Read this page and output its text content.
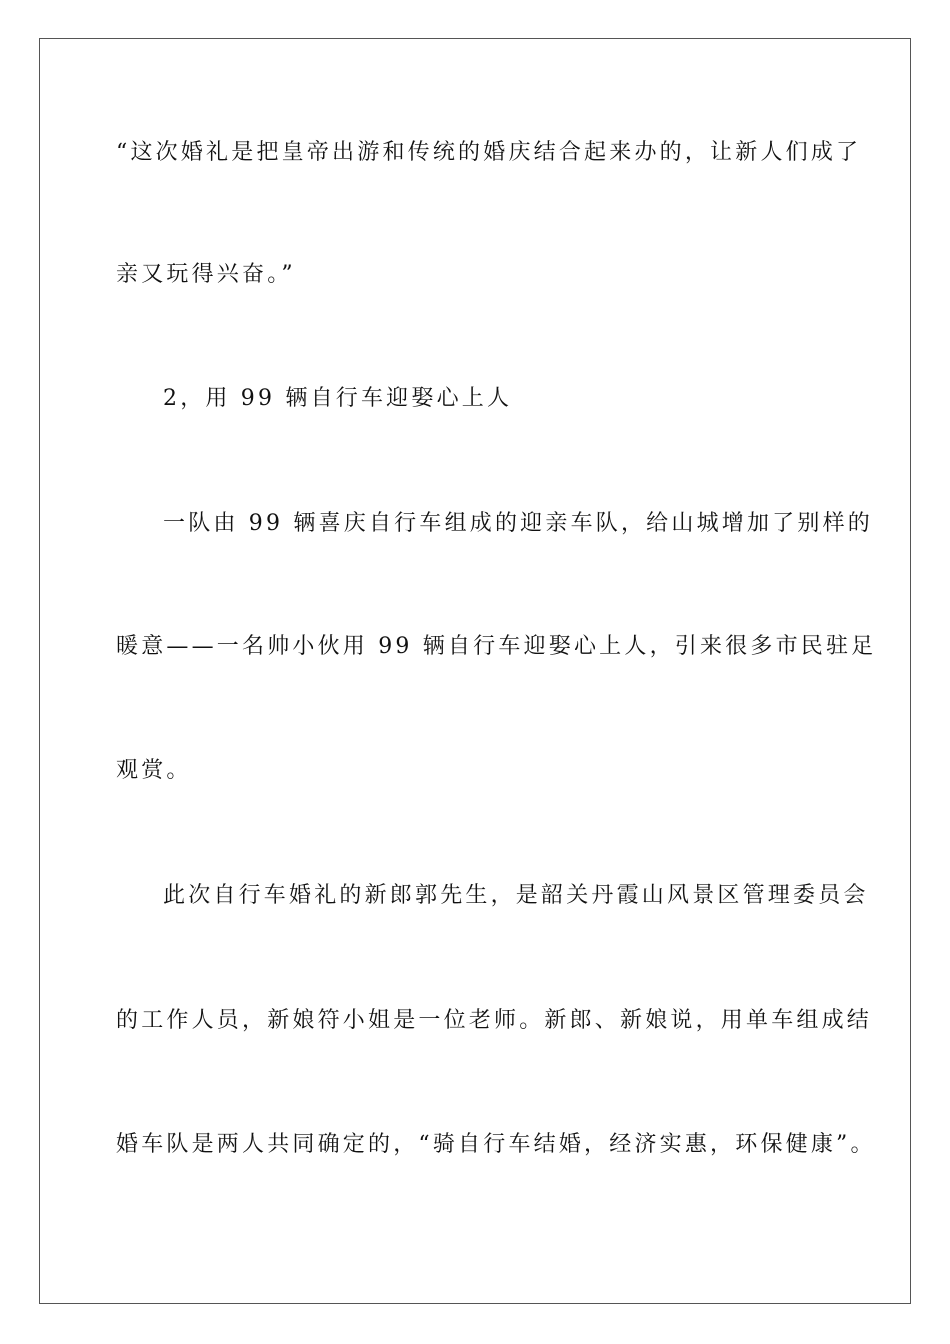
“这次婚礼是把皇帝出游和传统的婚庆结合起来办的，让新人们成了
亲又玩得兴奋。”
2，用 99 辆自行车迎娶心上人
一队由 99 辆喜庆自行车组成的迎亲车队，给山城增加了别样的
暖意——一名帅小伙用 99 辆自行车迎娶心上人，引来很多市民驻足
观赏。
此次自行车婚礼的新郎郭先生，是韶关丹霞山风景区管理委员会
的工作人员，新娘符小姐是一位老师。新郎、新娘说，用单车组成结
婚车队是两人共同确定的，“骑自行车结婚，经济实惠，环保健康”。
